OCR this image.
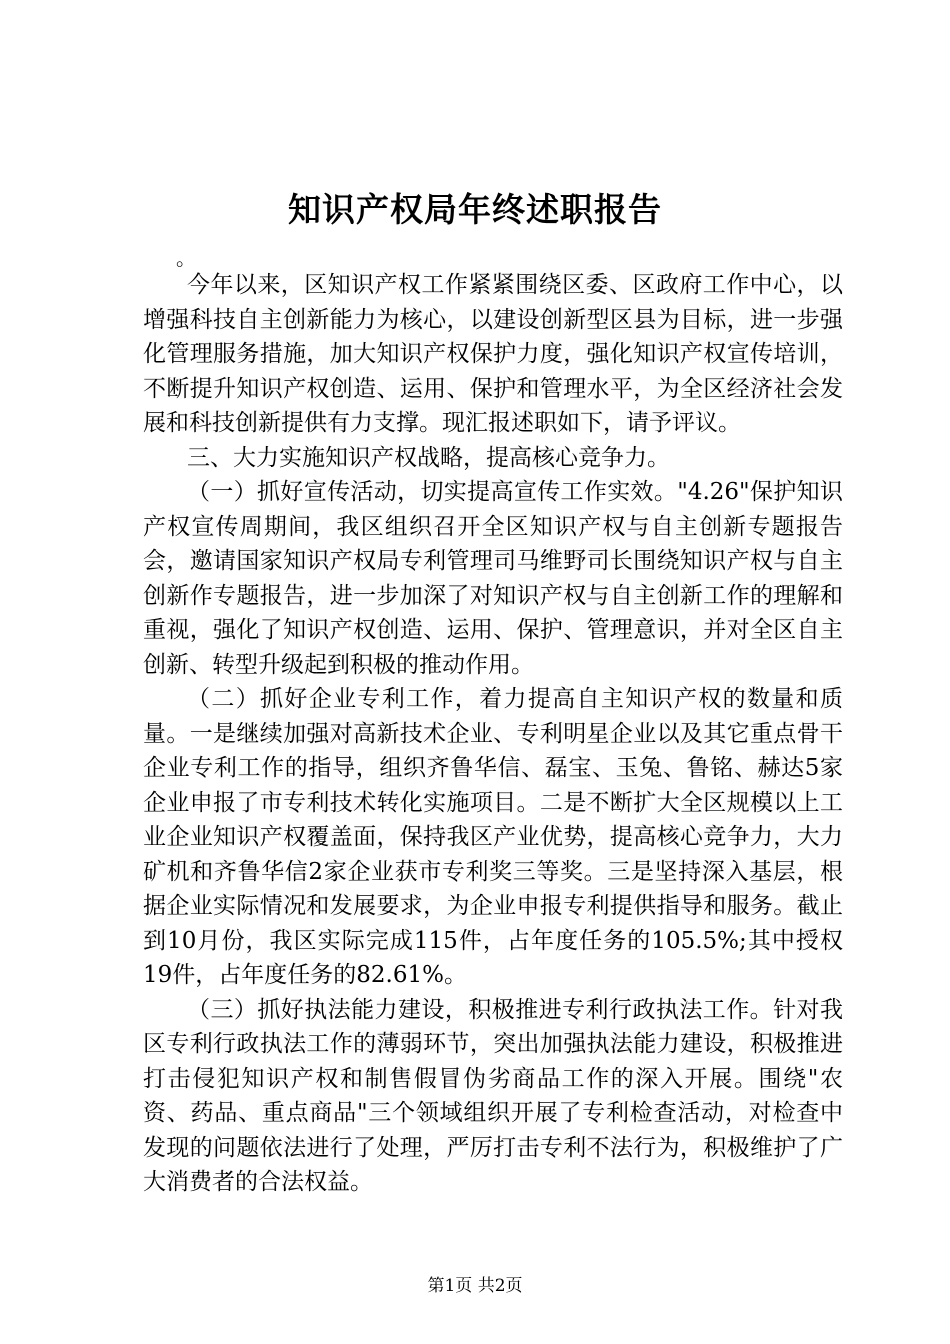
知识产权局年终述职报告
。

今年以来，区知识产权工作紧紧围绕区委、区政府工作中心，以增强科技自主创新能力为核心，以建设创新型区县为目标，进一步强化管理服务措施，加大知识产权保护力度，强化知识产权宣传培训，不断提升知识产权创造、运用、保护和管理水平，为全区经济社会发展和科技创新提供有力支撑。现汇报述职如下，请予评议。

三、大力实施知识产权战略，提高核心竞争力。

（一）抓好宣传活动，切实提高宣传工作实效。"4.26"保护知识产权宣传周期间，我区组织召开全区知识产权与自主创新专题报告会，邀请国家知识产权局专利管理司马维野司长围绕知识产权与自主创新作专题报告，进一步加深了对知识产权与自主创新工作的理解和重视，强化了知识产权创造、运用、保护、管理意识，并对全区自主创新、转型升级起到积极的推动作用。

（二）抓好企业专利工作，着力提高自主知识产权的数量和质量。一是继续加强对高新技术企业、专利明星企业以及其它重点骨干企业专利工作的指导，组织齐鲁华信、磊宝、玉兔、鲁铭、赫达5家企业申报了市专利技术转化实施项目。二是不断扩大全区规模以上工业企业知识产权覆盖面，保持我区产业优势，提高核心竞争力，大力矿机和齐鲁华信2家企业获市专利奖三等奖。三是坚持深入基层，根据企业实际情况和发展要求，为企业申报专利提供指导和服务。截止到10月份，我区实际完成115件，占年度任务的105.5%;其中授权19件，占年度任务的82.61%。

（三）抓好执法能力建设，积极推进专利行政执法工作。针对我区专利行政执法工作的薄弱环节，突出加强执法能力建设，积极推进打击侵犯知识产权和制售假冒伪劣商品工作的深入开展。围绕"农资、药品、重点商品"三个领域组织开展了专利检查活动，对检查中发现的问题依法进行了处理，严厉打击专利不法行为，积极维护了广大消费者的合法权益。

第1页 共2页
